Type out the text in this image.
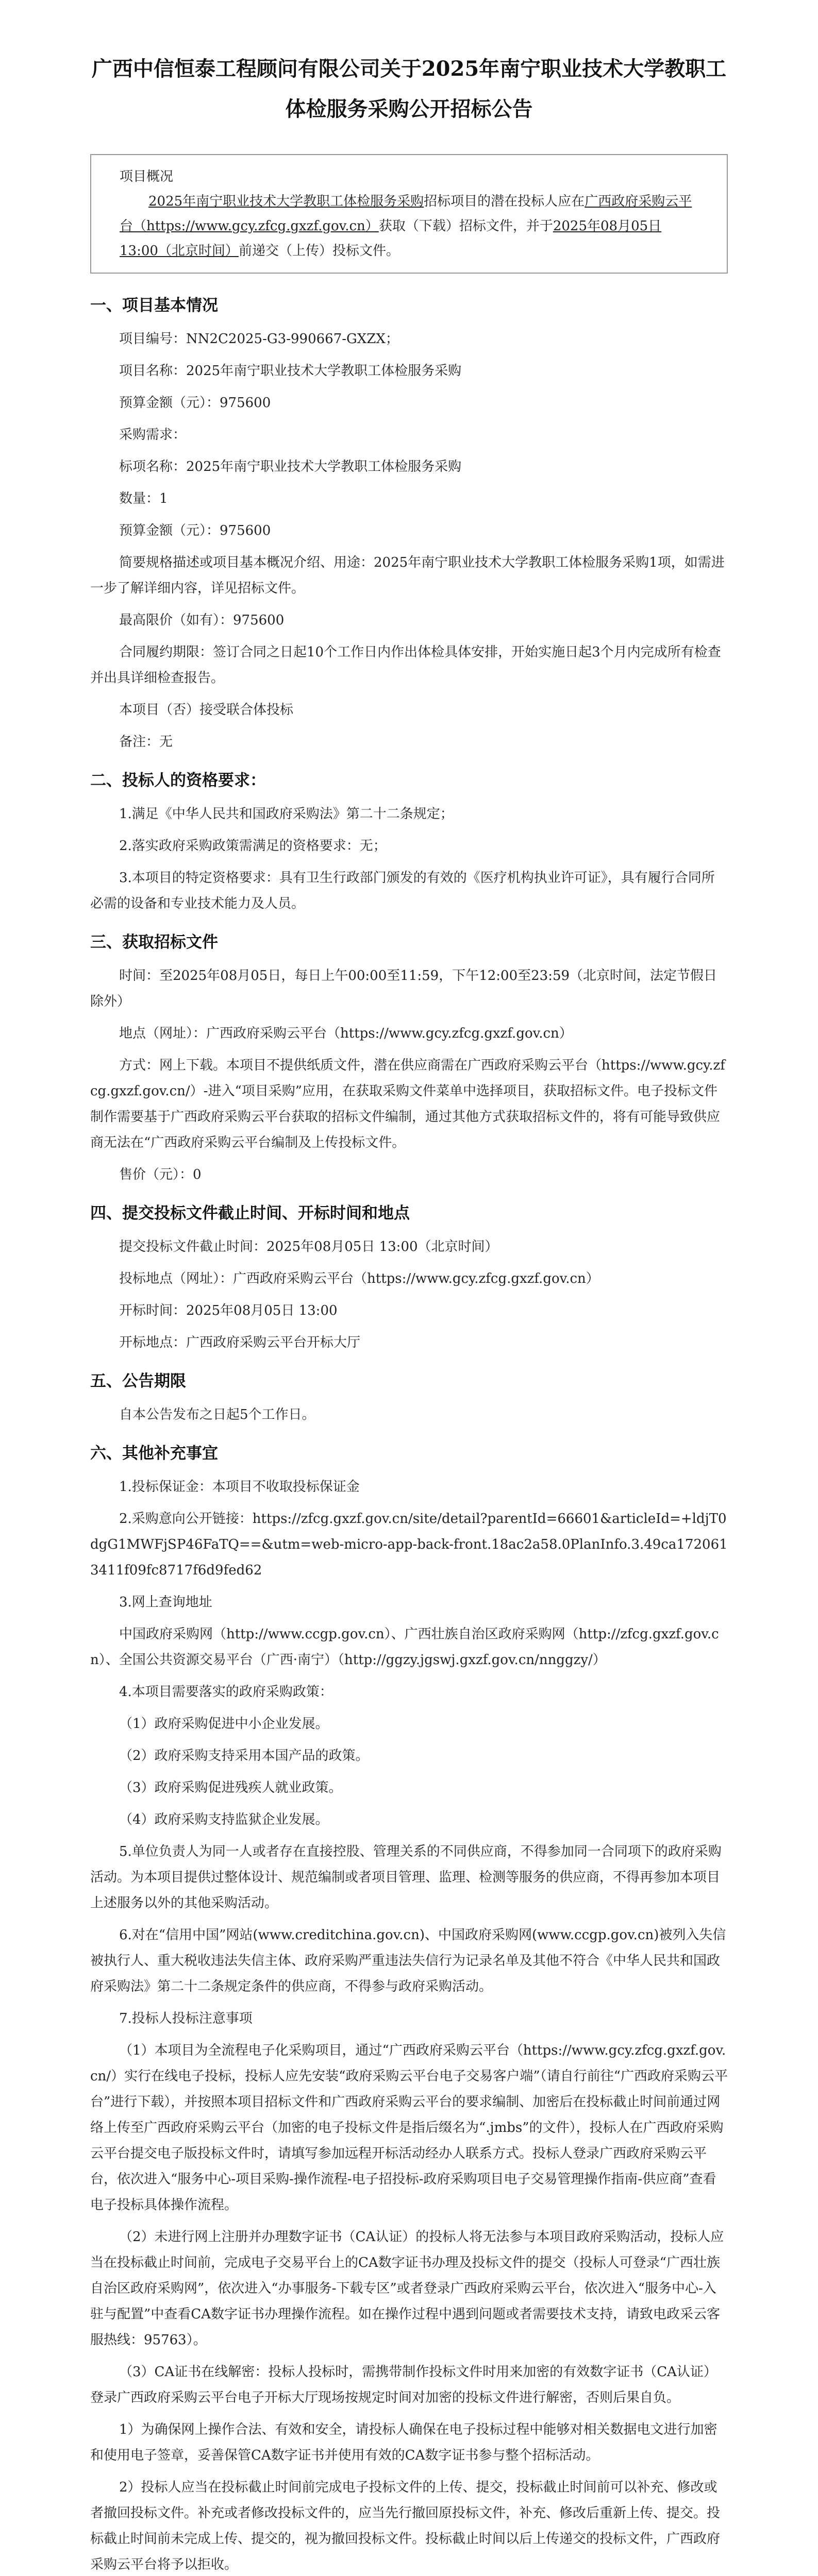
广西中信恒泰工程顾问有限公司关于2025年南宁职业技术大学教职工体检服务采购公开招标公告
项目概况
2025年南宁职业技术大学教职工体检服务采购招标项目的潜在投标人应在广西政府采购云平台（https://www.gcy.zfcg.gxzf.gov.cn）获取（下载）招标文件，并于2025年08月05日 13:00（北京时间）前递交（上传）投标文件。
一、项目基本情况

项目编号：NN2C2025-G3-990667-GXZX；

项目名称：2025年南宁职业技术大学教职工体检服务采购

预算金额（元）：975600

采购需求：

标项名称：2025年南宁职业技术大学教职工体检服务采购

数量：1

预算金额（元）：975600

简要规格描述或项目基本概况介绍、用途：2025年南宁职业技术大学教职工体检服务采购1项，如需进一步了解详细内容，详见招标文件。

最高限价（如有）：975600

合同履约期限：签订合同之日起10个工作日内作出体检具体安排，开始实施日起3个月内完成所有检查并出具详细检查报告。

本项目（否）接受联合体投标

备注：无

二、投标人的资格要求：

1.满足《中华人民共和国政府采购法》第二十二条规定；

2.落实政府采购政策需满足的资格要求：无；

3.本项目的特定资格要求：具有卫生行政部门颁发的有效的《医疗机构执业许可证》，具有履行合同所必需的设备和专业技术能力及人员。

三、获取招标文件

时间：至2025年08月05日，每日上午00:00至11:59，下午12:00至23:59（北京时间，法定节假日除外）

地点（网址）：广西政府采购云平台（https://www.gcy.zfcg.gxzf.gov.cn）

方式：网上下载。本项目不提供纸质文件，潜在供应商需在广西政府采购云平台（https://www.gcy.zfcg.gxzf.gov.cn/）-进入“项目采购”应用，在获取采购文件菜单中选择项目，获取招标文件。电子投标文件制作需要基于广西政府采购云平台获取的招标文件编制，通过其他方式获取招标文件的，将有可能导致供应商无法在“广西政府采购云平台编制及上传投标文件。

售价（元）：0

四、提交投标文件截止时间、开标时间和地点

提交投标文件截止时间：2025年08月05日 13:00（北京时间）

投标地点（网址）：广西政府采购云平台（https://www.gcy.zfcg.gxzf.gov.cn）

开标时间：2025年08月05日 13:00

开标地点：广西政府采购云平台开标大厅

五、公告期限

自本公告发布之日起5个工作日。

六、其他补充事宜

1.投标保证金：本项目不收取投标保证金

2.采购意向公开链接：https://zfcg.gxzf.gov.cn/site/detail?parentId=66601&articleId=+ldjT0dgG1MWFjSP46FaTQ==&utm=web-micro-app-back-front.18ac2a58.0PlanInfo.3.49ca1720613411f09fc8717f6d9fed62

3.网上查询地址

中国政府采购网（http://www.ccgp.gov.cn）、广西壮族自治区政府采购网（http://zfcg.gxzf.gov.cn）、全国公共资源交易平台（广西·南宁）（http://ggzy.jgswj.gxzf.gov.cn/nnggzy/）

4.本项目需要落实的政府采购政策：

（1）政府采购促进中小企业发展。

（2）政府采购支持采用本国产品的政策。

（3）政府采购促进残疾人就业政策。

（4）政府采购支持监狱企业发展。

5.单位负责人为同一人或者存在直接控股、管理关系的不同供应商，不得参加同一合同项下的政府采购活动。为本项目提供过整体设计、规范编制或者项目管理、监理、检测等服务的供应商，不得再参加本项目上述服务以外的其他采购活动。

6.对在“信用中国”网站(www.creditchina.gov.cn)、中国政府采购网(www.ccgp.gov.cn)被列入失信被执行人、重大税收违法失信主体、政府采购严重违法失信行为记录名单及其他不符合《中华人民共和国政府采购法》第二十二条规定条件的供应商，不得参与政府采购活动。

7.投标人投标注意事项

（1）本项目为全流程电子化采购项目，通过“广西政府采购云平台（https://www.gcy.zfcg.gxzf.gov.cn/）实行在线电子投标，投标人应先安装“政府采购云平台电子交易客户端”（请自行前往“广西政府采购云平台”进行下载），并按照本项目招标文件和广西政府采购云平台的要求编制、加密后在投标截止时间前通过网络上传至广西政府采购云平台（加密的电子投标文件是指后缀名为“.jmbs”的文件），投标人在广西政府采购云平台提交电子版投标文件时，请填写参加远程开标活动经办人联系方式。投标人登录广西政府采购云平台，依次进入“服务中心-项目采购-操作流程-电子招投标-政府采购项目电子交易管理操作指南-供应商”查看电子投标具体操作流程。

（2）未进行网上注册并办理数字证书（CA认证）的投标人将无法参与本项目政府采购活动，投标人应当在投标截止时间前，完成电子交易平台上的CA数字证书办理及投标文件的提交（投标人可登录“广西壮族自治区政府采购网”，依次进入“办事服务-下载专区”或者登录广西政府采购云平台，依次进入“服务中心-入驻与配置”中查看CA数字证书办理操作流程。如在操作过程中遇到问题或者需要技术支持，请致电政采云客服热线：95763）。

（3）CA证书在线解密：投标人投标时，需携带制作投标文件时用来加密的有效数字证书（CA认证）登录广西政府采购云平台电子开标大厅现场按规定时间对加密的投标文件进行解密，否则后果自负。

1）为确保网上操作合法、有效和安全，请投标人确保在电子投标过程中能够对相关数据电文进行加密和使用电子签章，妥善保管CA数字证书并使用有效的CA数字证书参与整个招标活动。

2）投标人应当在投标截止时间前完成电子投标文件的上传、提交，投标截止时间前可以补充、修改或者撤回投标文件。补充或者修改投标文件的，应当先行撤回原投标文件，补充、修改后重新上传、提交。投标截止时间前未完成上传、提交的，视为撤回投标文件。投标截止时间以后上传递交的投标文件，广西政府采购云平台将予以拒收。
